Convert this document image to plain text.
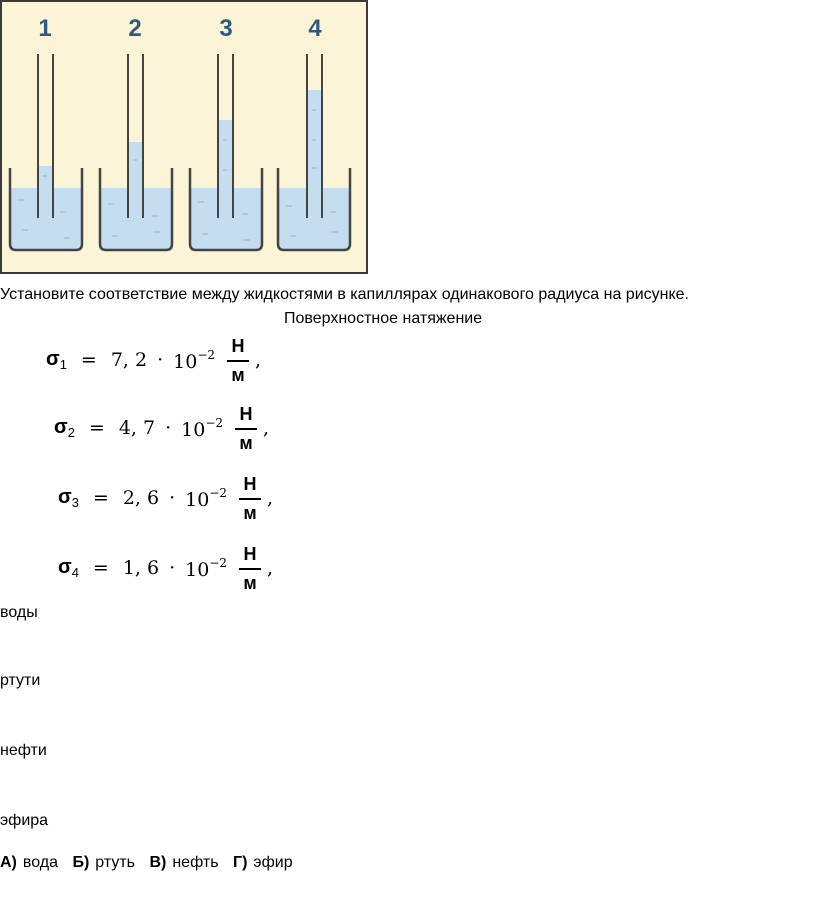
1	2	3	4
Установите соответствие между жидкостями в капиллярах одинакового радиуса на рисунке.
Поверхностное натяжение
$\sigma_1 = 7$, $2 \cdot 10^{-2} \frac{Н}{м}$ ,
$\sigma_2 = 4$, $7 \cdot 10^{-2} \frac{Н}{м}$ ,
$\sigma_3 = 2$, $6 \cdot 10^{-2} \frac{Н}{м}$ ,
$\sigma_4 = 1$, $6 \cdot 10^{-2} \frac{Н}{м}$ ,
воды
ртути
нефти
эфира
А) вода Б) ртуть В) нефть Г) эфир
